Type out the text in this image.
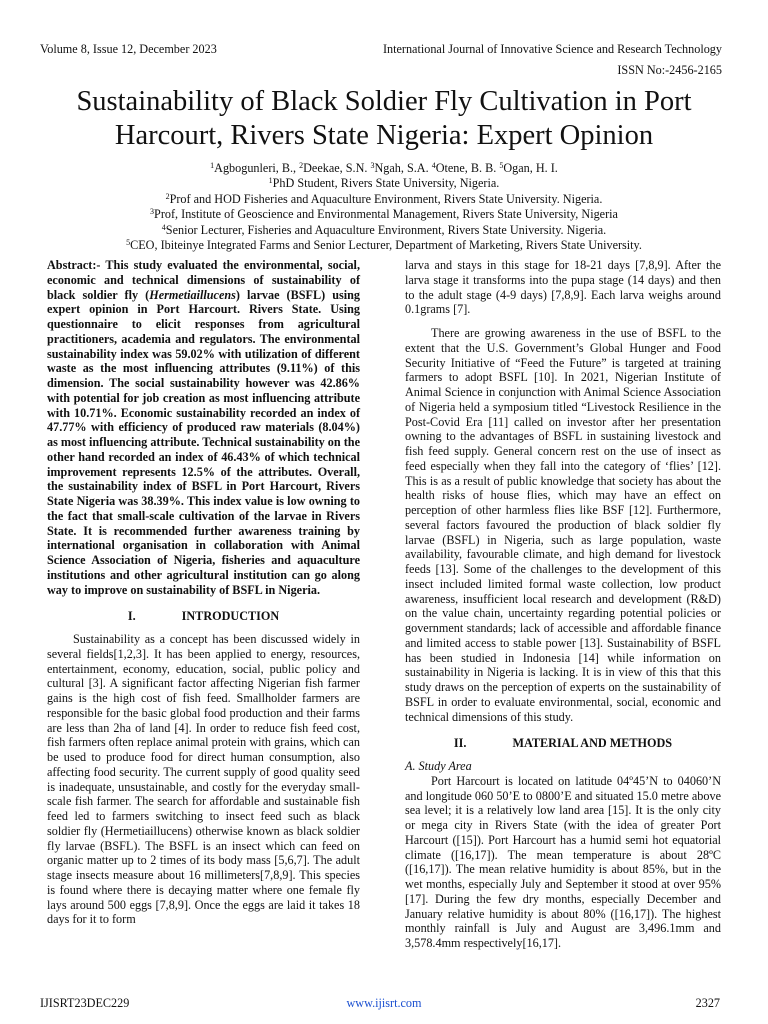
Volume 8, Issue 12, December 2023	International Journal of Innovative Science and Research Technology
ISSN No:-2456-2165
Sustainability of Black Soldier Fly Cultivation in Port Harcourt, Rivers State Nigeria: Expert Opinion
$^1$Agbogunleri, B., $^2$Deekae, S.N. $^3$Ngah, S.A. $^4$Otene, B. B. $^5$Ogan, H. I.
$^1$PhD Student, Rivers State University, Nigeria.
$^2$Prof and HOD Fisheries and Aquaculture Environment, Rivers State University. Nigeria.
$^3$Prof, Institute of Geoscience and Environmental Management, Rivers State University, Nigeria
$^4$Senior Lecturer, Fisheries and Aquaculture Environment, Rivers State University. Nigeria.
$^5$CEO, Ibiteinye Integrated Farms and Senior Lecturer, Department of Marketing, Rivers State University.

Abstract:- This study evaluated the environmental, social, economic and technical dimensions of sustainability of black soldier fly (Hermetiaillucens) larvae (BSFL) using expert opinion in Port Harcourt. Rivers State. Using questionnaire to elicit responses from agricultural practitioners, academia and regulators. The environmental sustainability index was 59.02% with utilization of different waste as the most influencing attributes (9.11%) of this dimension. The social sustainability however was 42.86% with potential for job creation as most influencing attribute with 10.71%. Economic sustainability recorded an index of 47.77% with efficiency of produced raw materials (8.04%) as most influencing attribute. Technical sustainability on the other hand recorded an index of 46.43% of which technical improvement represents 12.5% of the attributes. Overall, the sustainability index of BSFL in Port Harcourt, Rivers State Nigeria was 38.39%. This index value is low owning to the fact that small-scale cultivation of the larvae in Rivers State. It is recommended further awareness training by international organisation in collaboration with Animal Science Association of Nigeria, fisheries and aquaculture institutions and other agricultural institution can go along way to improve on sustainability of BSFL in Nigeria.

I.	INTRODUCTION

Sustainability as a concept has been discussed widely in several fields[1,2,3]. It has been applied to energy, resources, entertainment, economy, education, social, public policy and cultural [3]. A significant factor affecting Nigerian fish farmer gains is the high cost of fish feed. Smallholder farmers are responsible for the basic global food production and their farms are less than 2ha of land [4]. In order to reduce fish feed cost, fish farmers often replace animal protein with grains, which can be used to produce food for direct human consumption, also affecting food security. The current supply of good quality seed is inadequate, unsustainable, and costly for the everyday small-scale fish farmer. The search for affordable and sustainable fish feed led to farmers switching to insect feed such as black soldier fly (Hermetiaillucens) otherwise known as black soldier fly larvae (BSFL). The BSFL is an insect which can feed on organic matter up to 2 times of its body mass [5,6,7]. The adult stage insects measure about 16 millimeters[7,8,9]. This species is found where there is decaying matter where one female fly lays around 500 eggs [7,8,9]. Once the eggs are laid it takes 18 days for it to form

larva and stays in this stage for 18-21 days [7,8,9]. After the larva stage it transforms into the pupa stage (14 days) and then to the adult stage (4-9 days) [7,8,9]. Each larva weighs around 0.1grams [7].

There are growing awareness in the use of BSFL to the extent that the U.S. Government’s Global Hunger and Food Security Initiative of “Feed the Future” is targeted at training farmers to adopt BSFL [10]. In 2021, Nigerian Institute of Animal Science in conjunction with Animal Science Association of Nigeria held a symposium titled “Livestock Resilience in the Post-Covid Era [11] called on investor after her presentation owning to the advantages of BSFL in sustaining livestock and fish feed supply. General concern rest on the use of insect as feed especially when they fall into the category of ‘flies’ [12]. This is as a result of public knowledge that society has about the health risks of house flies, which may have an effect on perception of other harmless flies like BSF [12]. Furthermore, several factors favoured the production of black soldier fly larvae (BSFL) in Nigeria, such as large population, waste availability, favourable climate, and high demand for livestock feeds [13]. Some of the challenges to the development of this insect included limited formal waste collection, low product awareness, insufficient local research and development (R&D) on the value chain, uncertainty regarding potential policies or government standards; lack of accessible and affordable finance and limited access to stable power [13]. Sustainability of BSFL has been studied in Indonesia [14] while information on sustainability in Nigeria is lacking. It is in view of this that this study draws on the perception of experts on the sustainability of BSFL in order to evaluate environmental, social, economic and technical dimensions of this study.

II.	MATERIAL AND METHODS

A. Study Area

Port Harcourt is located on latitude 04º45’N to 04060’N and longitude 060 50’E to 0800’E and situated 15.0 metre above sea level; it is a relatively low land area [15]. It is the only city or mega city in Rivers State (with the idea of greater Port Harcourt ([15]). Port Harcourt has a humid semi hot equatorial climate ([16,17]). The mean temperature is about 28ºC ([16,17]). The mean relative humidity is about 85%, but in the wet months, especially July and September it stood at over 95% [17]. During the few dry months, especially December and January relative humidity is about 80% ([16,17]). The highest monthly rainfall is July and August are 3,496.1mm and 3,578.4mm respectively[16,17].

IJISRT23DEC229	www.ijisrt.com	2327
